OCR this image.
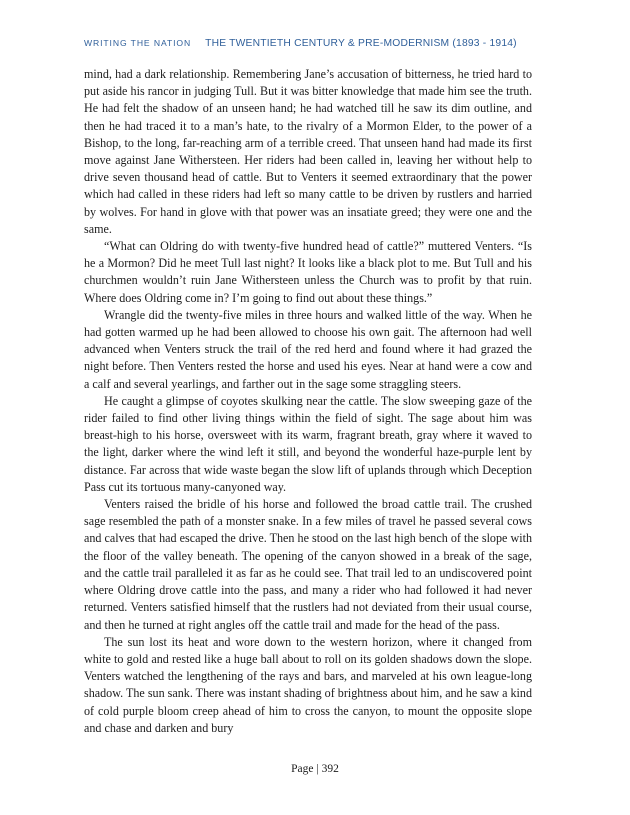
WRITING THE NATION THE TWENTIETH CENTURY & PRE-MODERNISM (1893 - 1914)

mind, had a dark relationship. Remembering Jane’s accusation of bitterness, he tried hard to put aside his rancor in judging Tull. But it was bitter knowledge that made him see the truth. He had felt the shadow of an unseen hand; he had watched till he saw its dim outline, and then he had traced it to a man’s hate, to the rivalry of a Mormon Elder, to the power of a Bishop, to the long, far-reaching arm of a terrible creed. That unseen hand had made its first move against Jane Withersteen. Her riders had been called in, leaving her without help to drive seven thousand head of cattle. But to Venters it seemed extraordinary that the power which had called in these riders had left so many cattle to be driven by rustlers and harried by wolves. For hand in glove with that power was an insatiate greed; they were one and the same.

“What can Oldring do with twenty-five hundred head of cattle?” muttered Venters. “Is he a Mormon? Did he meet Tull last night? It looks like a black plot to me. But Tull and his churchmen wouldn’t ruin Jane Withersteen unless the Church was to profit by that ruin. Where does Oldring come in? I’m going to find out about these things.”

Wrangle did the twenty-five miles in three hours and walked little of the way. When he had gotten warmed up he had been allowed to choose his own gait. The afternoon had well advanced when Venters struck the trail of the red herd and found where it had grazed the night before. Then Venters rested the horse and used his eyes. Near at hand were a cow and a calf and several yearlings, and farther out in the sage some straggling steers.

He caught a glimpse of coyotes skulking near the cattle. The slow sweeping gaze of the rider failed to find other living things within the field of sight. The sage about him was breast-high to his horse, oversweet with its warm, fragrant breath, gray where it waved to the light, darker where the wind left it still, and beyond the wonderful haze-purple lent by distance. Far across that wide waste began the slow lift of uplands through which Deception Pass cut its tortuous many-canyoned way.

Venters raised the bridle of his horse and followed the broad cattle trail. The crushed sage resembled the path of a monster snake. In a few miles of travel he passed several cows and calves that had escaped the drive. Then he stood on the last high bench of the slope with the floor of the valley beneath. The opening of the canyon showed in a break of the sage, and the cattle trail paralleled it as far as he could see. That trail led to an undiscovered point where Oldring drove cattle into the pass, and many a rider who had followed it had never returned. Venters satisfied himself that the rustlers had not deviated from their usual course, and then he turned at right angles off the cattle trail and made for the head of the pass.

The sun lost its heat and wore down to the western horizon, where it changed from white to gold and rested like a huge ball about to roll on its golden shadows down the slope. Venters watched the lengthening of the rays and bars, and marveled at his own league-long shadow. The sun sank. There was instant shading of brightness about him, and he saw a kind of cold purple bloom creep ahead of him to cross the canyon, to mount the opposite slope and chase and darken and bury

Page | 392
